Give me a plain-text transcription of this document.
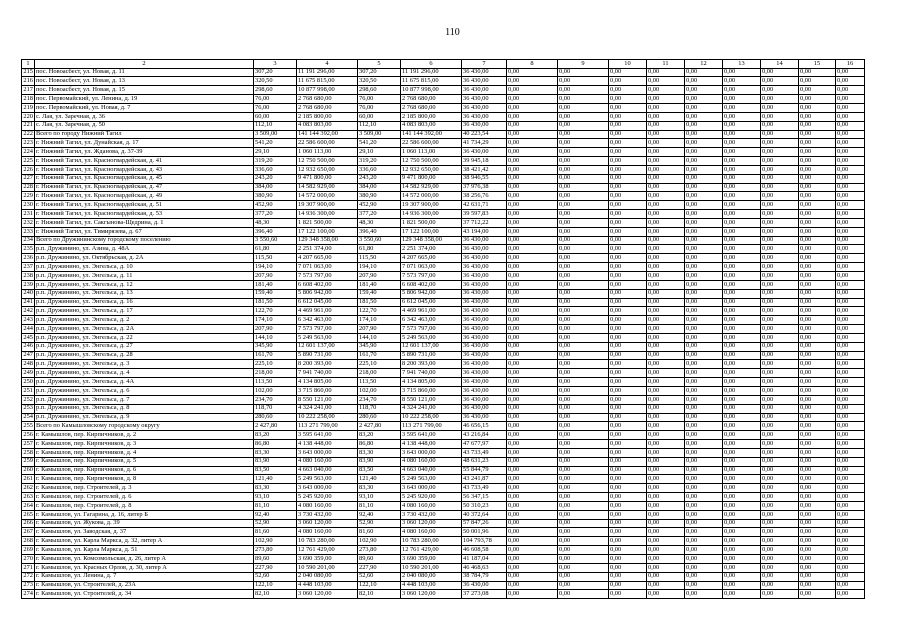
110
1	2	3	4	5	6	7	8	9	10	11	12	13	14	15	16
215	пос. Новоасбест, ул. Новая, д. 11	307,20	11 191 296,00	307,20	11 191 296,00	36 430,00	0,00	0,00	0,00	0,00	0,00	0,00	0,00	0,00	0,00
216	пос. Новоасбест, ул. Новая, д. 13	320,50	11 675 815,00	320,50	11 675 815,00	36 430,00	0,00	0,00	0,00	0,00	0,00	0,00	0,00	0,00	0,00
217	пос. Новоасбест, ул. Новая, д. 15	298,60	10 877 998,00	298,60	10 877 998,00	36 430,00	0,00	0,00	0,00	0,00	0,00	0,00	0,00	0,00	0,00
218	пос. Первомайский, ул. Ленина, д. 19	76,00	2 768 680,00	76,00	2 768 680,00	36 430,00	0,00	0,00	0,00	0,00	0,00	0,00	0,00	0,00	0,00
219	пос. Первомайский, ул. Новая, д. 7	76,00	2 768 680,00	76,00	2 768 680,00	36 430,00	0,00	0,00	0,00	0,00	0,00	0,00	0,00	0,00	0,00
220	с. Лая, ул. Заречная, д. 36	60,00	2 185 800,00	60,00	2 185 800,00	36 430,00	0,00	0,00	0,00	0,00	0,00	0,00	0,00	0,00	0,00
221	с. Лая, ул. Заречная, д. 50	112,10	4 083 803,00	112,10	4 083 803,00	36 430,00	0,00	0,00	0,00	0,00	0,00	0,00	0,00	0,00	0,00
222	Всего по городу Нижний Тагил	3 509,00	141 144 392,00	3 509,00	141 144 392,00	40 223,54	0,00	0,00	0,00	0,00	0,00	0,00	0,00	0,00	0,00
223	г. Нижний Тагил, ул. Дунайская, д. 17	541,20	22 586 600,00	541,20	22 586 600,00	41 734,29	0,00	0,00	0,00	0,00	0,00	0,00	0,00	0,00	0,00
224	г. Нижний Тагил, ул. Жданова, д. 37-39	29,10	1 060 113,00	29,10	1 060 113,00	36 430,00	0,00	0,00	0,00	0,00	0,00	0,00	0,00	0,00	0,00
225	г. Нижний Тагил, ул. Красногвардейская, д. 41	319,20	12 750 500,00	319,20	12 750 500,00	39 945,18	0,00	0,00	0,00	0,00	0,00	0,00	0,00	0,00	0,00
226	г. Нижний Тагил, ул. Красногвардейская, д. 43	336,60	12 932 650,00	336,60	12 932 650,00	38 421,42	0,00	0,00	0,00	0,00	0,00	0,00	0,00	0,00	0,00
227	г. Нижний Тагил, ул. Красногвардейская, д. 45	243,20	9 471 800,00	243,20	9 471 800,00	38 946,55	0,00	0,00	0,00	0,00	0,00	0,00	0,00	0,00	0,00
228	г. Нижний Тагил, ул. Красногвардейская, д. 47	384,00	14 582 929,00	384,00	14 582 929,00	37 976,38	0,00	0,00	0,00	0,00	0,00	0,00	0,00	0,00	0,00
229	г. Нижний Тагил, ул. Красногвардейская, д. 49	380,90	14 572 000,00	380,90	14 572 000,00	38 256,76	0,00	0,00	0,00	0,00	0,00	0,00	0,00	0,00	0,00
230	г. Нижний Тагил, ул. Красногвардейская, д. 51	452,90	19 307 900,00	452,90	19 307 900,00	42 631,71	0,00	0,00	0,00	0,00	0,00	0,00	0,00	0,00	0,00
231	г. Нижний Тагил, ул. Красногвардейская, д. 53	377,20	14 936 300,00	377,20	14 936 300,00	39 597,83	0,00	0,00	0,00	0,00	0,00	0,00	0,00	0,00	0,00
232	г. Нижний Тагил, ул. Сакгынова-Щедрина, д. 1	48,30	1 821 500,00	48,30	1 821 500,00	37 712,22	0,00	0,00	0,00	0,00	0,00	0,00	0,00	0,00	0,00
233	г. Нижний Тагил, ул. Тимирязева, д. 67	396,40	17 122 100,00	396,40	17 122 100,00	43 194,00	0,00	0,00	0,00	0,00	0,00	0,00	0,00	0,00	0,00
234	Всего по Дружининскому городскому поселению	3 550,60	129 348 358,00	3 550,60	129 348 358,00	36 430,00	0,00	0,00	0,00	0,00	0,00	0,00	0,00	0,00	0,00
235	р.п. Дружинино, ул. Азина, д. 48А	61,80	2 251 374,00	61,80	2 251 374,00	36 430,00	0,00	0,00	0,00	0,00	0,00	0,00	0,00	0,00	0,00
236	р.п. Дружинино, ул. Октябрьская, д. 2А	115,50	4 207 665,00	115,50	4 207 665,00	36 430,00	0,00	0,00	0,00	0,00	0,00	0,00	0,00	0,00	0,00
237	р.п. Дружинино, ул. Энгельса, д. 10	194,10	7 071 063,00	194,10	7 071 063,00	36 430,00	0,00	0,00	0,00	0,00	0,00	0,00	0,00	0,00	0,00
238	р.п. Дружинино, ул. Энгельса, д. 11	207,90	7 573 797,00	207,90	7 573 797,00	36 430,00	0,00	0,00	0,00	0,00	0,00	0,00	0,00	0,00	0,00
239	р.п. Дружинино, ул. Энгельса, д. 12	181,40	6 608 402,00	181,40	6 608 402,00	36 430,00	0,00	0,00	0,00	0,00	0,00	0,00	0,00	0,00	0,00
240	р.п. Дружинино, ул. Энгельса, д. 13	159,40	5 806 942,00	159,40	5 806 942,00	36 430,00	0,00	0,00	0,00	0,00	0,00	0,00	0,00	0,00	0,00
241	р.п. Дружинино, ул. Энгельса, д. 16	181,50	6 612 045,00	181,50	6 612 045,00	36 430,00	0,00	0,00	0,00	0,00	0,00	0,00	0,00	0,00	0,00
242	р.п. Дружинино, ул. Энгельса, д. 17	122,70	4 469 961,00	122,70	4 469 961,00	36 430,00	0,00	0,00	0,00	0,00	0,00	0,00	0,00	0,00	0,00
243	р.п. Дружинино, ул. Энгельса, д. 2	174,10	6 342 463,00	174,10	6 342 463,00	36 430,00	0,00	0,00	0,00	0,00	0,00	0,00	0,00	0,00	0,00
244	р.п. Дружинино, ул. Энгельса, д. 2А	207,90	7 573 797,00	207,90	7 573 797,00	36 430,00	0,00	0,00	0,00	0,00	0,00	0,00	0,00	0,00	0,00
245	р.п. Дружинино, ул. Энгельса, д. 22	144,10	5 249 563,00	144,10	5 249 563,00	36 430,00	0,00	0,00	0,00	0,00	0,00	0,00	0,00	0,00	0,00
246	р.п. Дружинино, ул. Энгельса, д. 27	345,90	12 601 137,00	345,90	12 601 137,00	36 430,00	0,00	0,00	0,00	0,00	0,00	0,00	0,00	0,00	0,00
247	р.п. Дружинино, ул. Энгельса, д. 28	161,70	5 890 731,00	161,70	5 890 731,00	36 430,00	0,00	0,00	0,00	0,00	0,00	0,00	0,00	0,00	0,00
248	р.п. Дружинино, ул. Энгельса, д. 3	225,10	8 200 393,00	225,10	8 200 393,00	36 430,00	0,00	0,00	0,00	0,00	0,00	0,00	0,00	0,00	0,00
249	р.п. Дружинино, ул. Энгельса, д. 4	218,00	7 941 740,00	218,00	7 941 740,00	36 430,00	0,00	0,00	0,00	0,00	0,00	0,00	0,00	0,00	0,00
250	р.п. Дружинино, ул. Энгельса, д. 4А	113,50	4 134 805,00	113,50	4 134 805,00	36 430,00	0,00	0,00	0,00	0,00	0,00	0,00	0,00	0,00	0,00
251	р.п. Дружинино, ул. Энгельса, д. 6	102,00	3 715 860,00	102,00	3 715 860,00	36 430,00	0,00	0,00	0,00	0,00	0,00	0,00	0,00	0,00	0,00
252	р.п. Дружинино, ул. Энгельса, д. 7	234,70	8 550 121,00	234,70	8 550 121,00	36 430,00	0,00	0,00	0,00	0,00	0,00	0,00	0,00	0,00	0,00
253	р.п. Дружинино, ул. Энгельса, д. 8	118,70	4 324 241,00	118,70	4 324 241,00	36 430,00	0,00	0,00	0,00	0,00	0,00	0,00	0,00	0,00	0,00
254	р.п. Дружинино, ул. Энгельса, д. 9	280,60	10 222 258,00	280,60	10 222 258,00	36 430,00	0,00	0,00	0,00	0,00	0,00	0,00	0,00	0,00	0,00
255	Всего по Камышловскому городскому округу	2 427,80	113 271 799,00	2 427,80	113 271 799,00	46 656,15	0,00	0,00	0,00	0,00	0,00	0,00	0,00	0,00	0,00
256	г. Камышлов, пер. Кирпичников, д. 2	83,20	3 595 641,00	83,20	3 595 641,00	43 216,84	0,00	0,00	0,00	0,00	0,00	0,00	0,00	0,00	0,00
257	г. Камышлов, пер. Кирпичников, д. 3	86,80	4 138 448,00	86,80	4 138 448,00	47 677,97	0,00	0,00	0,00	0,00	0,00	0,00	0,00	0,00	0,00
258	г. Камышлов, пер. Кирпичников, д. 4	83,30	3 643 000,00	83,30	3 643 000,00	43 733,49	0,00	0,00	0,00	0,00	0,00	0,00	0,00	0,00	0,00
259	г. Камышлов, пер. Кирпичников, д. 5	83,90	4 080 160,00	83,90	4 080 160,00	48 631,23	0,00	0,00	0,00	0,00	0,00	0,00	0,00	0,00	0,00
260	г. Камышлов, пер. Кирпичников, д. 6	83,50	4 663 040,00	83,50	4 663 040,00	55 844,79	0,00	0,00	0,00	0,00	0,00	0,00	0,00	0,00	0,00
261	г. Камышлов, пер. Кирпичников, д. 8	121,40	5 249 563,00	121,40	5 249 563,00	43 241,87	0,00	0,00	0,00	0,00	0,00	0,00	0,00	0,00	0,00
262	г. Камышлов, пер. Строителей, д. 3	83,30	3 643 000,00	83,30	3 643 000,00	43 733,49	0,00	0,00	0,00	0,00	0,00	0,00	0,00	0,00	0,00
263	г. Камышлов, пер. Строителей, д. 6	93,10	5 245 920,00	93,10	5 245 920,00	56 347,15	0,00	0,00	0,00	0,00	0,00	0,00	0,00	0,00	0,00
264	г. Камышлов, пер. Строителей, д. 8	81,10	4 080 160,00	81,10	4 080 160,00	50 310,23	0,00	0,00	0,00	0,00	0,00	0,00	0,00	0,00	0,00
265	г. Камышлов, ул. Гагарина, д. 16, литер Б	92,40	3 730 432,00	92,40	3 730 432,00	40 372,64	0,00	0,00	0,00	0,00	0,00	0,00	0,00	0,00	0,00
266	г. Камышлов, ул. Жукова, д. 39	52,90	3 060 120,00	52,90	3 060 120,00	57 847,26	0,00	0,00	0,00	0,00	0,00	0,00	0,00	0,00	0,00
267	г. Камышлов, ул. Заводская, д. 37	81,60	4 080 160,00	81,60	4 080 160,00	50 001,96	0,00	0,00	0,00	0,00	0,00	0,00	0,00	0,00	0,00
268	г. Камышлов, ул. Карла Маркса, д. 32, литер А	102,90	10 783 280,00	102,90	10 783 280,00	104 793,78	0,00	0,00	0,00	0,00	0,00	0,00	0,00	0,00	0,00
269	г. Камышлов, ул. Карла Маркса, д. 51	273,80	12 761 429,00	273,80	12 761 429,00	46 608,58	0,00	0,00	0,00	0,00	0,00	0,00	0,00	0,00	0,00
270	г. Камышлов, ул. Комсомольская, д. 26, литер А	89,60	3 690 359,00	89,60	3 690 359,00	41 187,04	0,00	0,00	0,00	0,00	0,00	0,00	0,00	0,00	0,00
271	г. Камышлов, ул. Красных Орлов, д. 30, литер А	227,90	10 590 201,00	227,90	10 590 201,00	46 468,63	0,00	0,00	0,00	0,00	0,00	0,00	0,00	0,00	0,00
272	г. Камышлов, ул. Ленина, д. 7	52,60	2 040 080,00	52,60	2 040 080,00	38 784,79	0,00	0,00	0,00	0,00	0,00	0,00	0,00	0,00	0,00
273	г. Камышлов, ул. Строителей, д. 23А	122,10	4 448 103,00	122,10	4 448 103,00	36 430,00	0,00	0,00	0,00	0,00	0,00	0,00	0,00	0,00	0,00
274	г. Камышлов, ул. Строителей, д. 34	82,10	3 060 120,00	82,10	3 060 120,00	37 273,08	0,00	0,00	0,00	0,00	0,00	0,00	0,00	0,00	0,00
